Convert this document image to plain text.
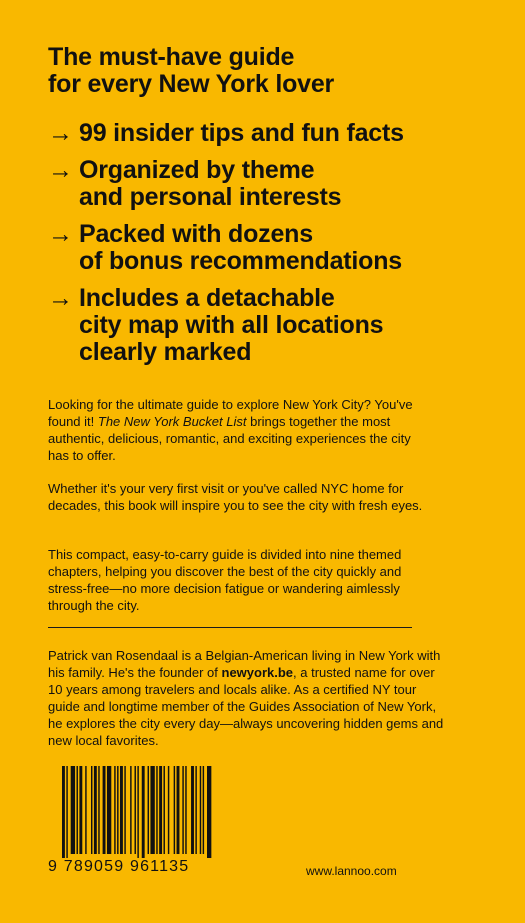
The must-have guide
for every New York lover
→ 99 insider tips and fun facts
→ Organized by theme
and personal interests
→ Packed with dozens
of bonus recommendations
→ Includes a detachable
city map with all locations
clearly marked

Looking for the ultimate guide to explore New York City? You've found it! The New York Bucket List brings together the most authentic, delicious, romantic, and exciting experiences the city has to offer.

Whether it's your very first visit or you've called NYC home for decades, this book will inspire you to see the city with fresh eyes.

This compact, easy-to-carry guide is divided into nine themed chapters, helping you discover the best of the city quickly and stress-free—no more decision fatigue or wandering aimlessly through the city.

Patrick van Rosendaal is a Belgian-American living in New York with his family. He's the founder of newyork.be, a trusted name for over 10 years among travelers and locals alike. As a certified NY tour guide and longtime member of the Guides Association of New York, he explores the city every day—always uncovering hidden gems and new local favorites.

9 789059 961135	www.lannoo.com
